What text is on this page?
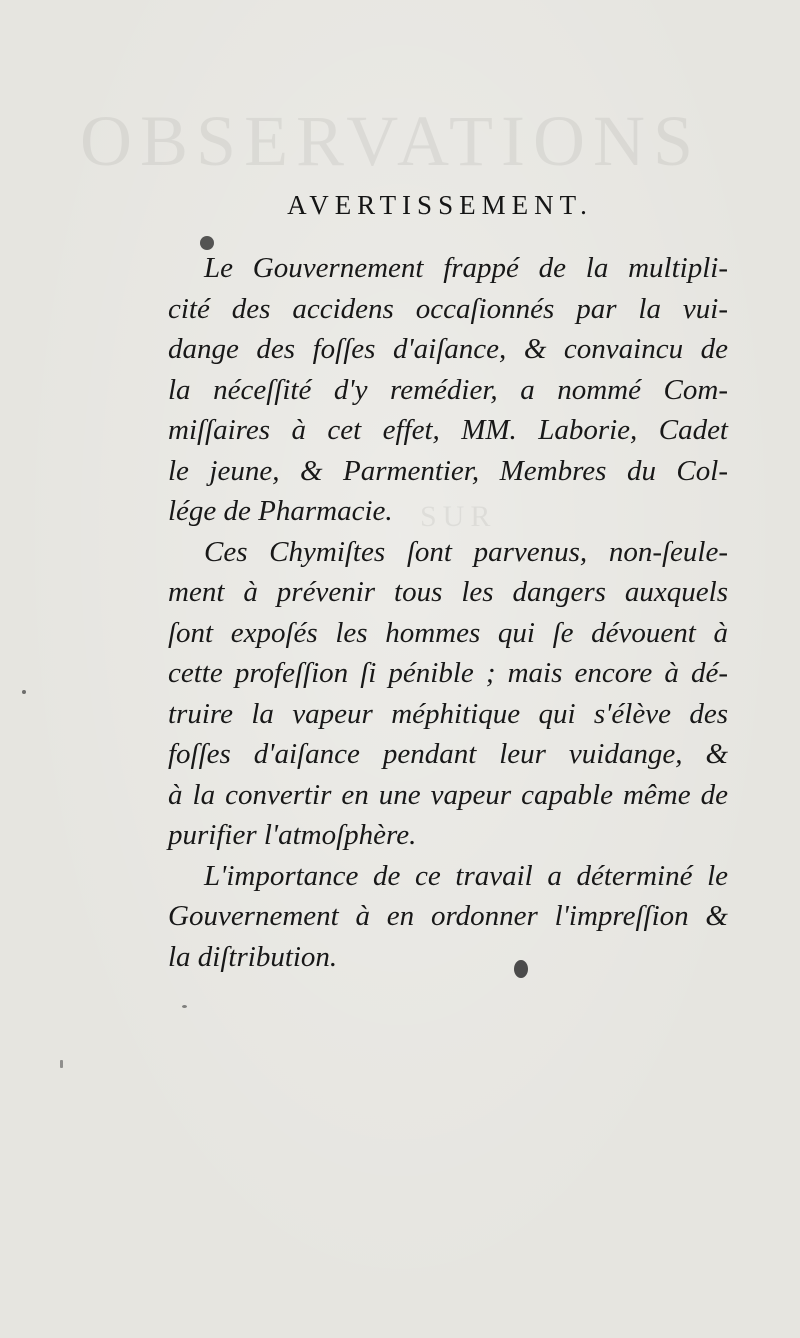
OBSERVATIONS
SUR
AVERTISSEMENT.
Le Gouvernement frappé de la multipli-
cité des accidens occaſionnés par la vui-
dange des foſſes d'aiſance, & convaincu de
la néceſſité d'y remédier, a nommé Com-
miſſaires à cet effet, MM. Laborie, Cadet
le jeune, & Parmentier, Membres du Col-
lége de Pharmacie.
Ces Chymiſtes ſont parvenus, non-ſeule-
ment à prévenir tous les dangers auxquels
ſont expoſés les hommes qui ſe dévouent à
cette profeſſion ſi pénible ; mais encore à dé-
truire la vapeur méphitique qui s'élève des
foſſes d'aiſance pendant leur vuidange, &
à la convertir en une vapeur capable même de
purifier l'atmoſphère.
L'importance de ce travail a déterminé le
Gouvernement à en ordonner l'impreſſion &
la diſtribution.
